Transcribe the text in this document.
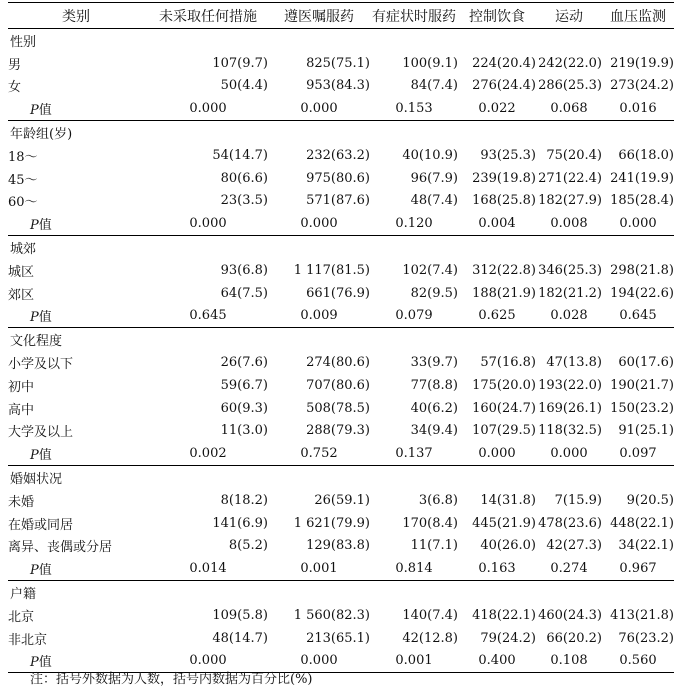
类别	未采取任何措施	遵医嘱服药	有症状时服药	控制饮食	运动	血压监测
性别						
男	107(9.7)	825(75.1)	100(9.1)	224(20.4)	242(22.0)	219(19.9)
女	50(4.4)	953(84.3)	84(7.4)	276(24.4)	286(25.3)	273(24.2)
P值	0.000	0.000	0.153	0.022	0.068	0.016
年龄组(岁)						
18～	54(14.7)	232(63.2)	40(10.9)	93(25.3)	75(20.4)	66(18.0)
45～	80(6.6)	975(80.6)	96(7.9)	239(19.8)	271(22.4)	241(19.9)
60～	23(3.5)	571(87.6)	48(7.4)	168(25.8)	182(27.9)	185(28.4)
P值	0.000	0.000	0.120	0.004	0.008	0.000
城郊						
城区	93(6.8)	1 117(81.5)	102(7.4)	312(22.8)	346(25.3)	298(21.8)
郊区	64(7.5)	661(76.9)	82(9.5)	188(21.9)	182(21.2)	194(22.6)
P值	0.645	0.009	0.079	0.625	0.028	0.645
文化程度						
小学及以下	26(7.6)	274(80.6)	33(9.7)	57(16.8)	47(13.8)	60(17.6)
初中	59(6.7)	707(80.6)	77(8.8)	175(20.0)	193(22.0)	190(21.7)
高中	60(9.3)	508(78.5)	40(6.2)	160(24.7)	169(26.1)	150(23.2)
大学及以上	11(3.0)	288(79.3)	34(9.4)	107(29.5)	118(32.5)	91(25.1)
P值	0.002	0.752	0.137	0.000	0.000	0.097
婚姻状况						
未婚	8(18.2)	26(59.1)	3(6.8)	14(31.8)	7(15.9)	9(20.5)
在婚或同居	141(6.9)	1 621(79.9)	170(8.4)	445(21.9)	478(23.6)	448(22.1)
离异、丧偶或分居	8(5.2)	129(83.8)	11(7.1)	40(26.0)	42(27.3)	34(22.1)
P值	0.014	0.001	0.814	0.163	0.274	0.967
户籍						
北京	109(5.8)	1 560(82.3)	140(7.4)	418(22.1)	460(24.3)	413(21.8)
非北京	48(14.7)	213(65.1)	42(12.8)	79(24.2)	66(20.2)	76(23.2)
P值	0.000	0.000	0.001	0.400	0.108	0.560
注：括号外数据为人数，括号内数据为百分比(%)
